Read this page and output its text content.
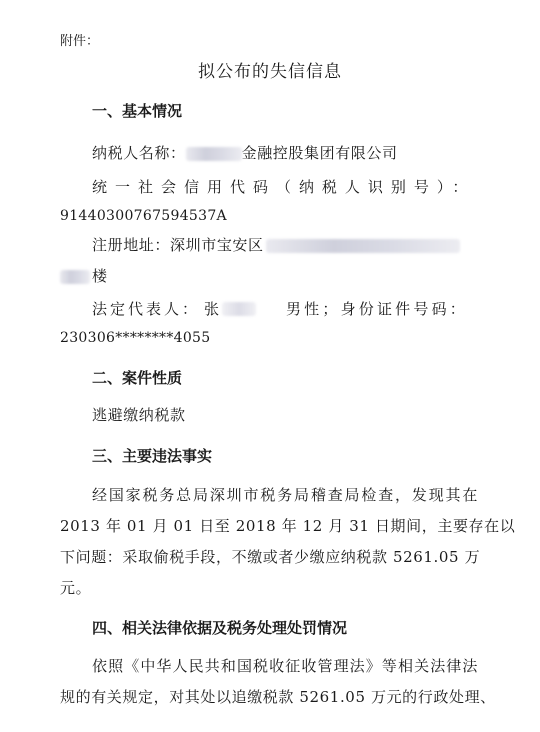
附件：
拟公布的失信信息
一、基本情况
纳税人名称：	金融控股集团有限公司
统一社会信用代码（纳税人识别号）：
91440300767594537A
注册地址：深圳市宝安区
楼
法定代表人： 张	男性；身份证件号码：
230306********4055
二、案件性质
逃避缴纳税款
三、主要违法事实
经国家税务总局深圳市税务局稽查局检查，发现其在
2013 年 01 月 01 日至 2018 年 12 月 31 日期间，主要存在以
下问题：采取偷税手段，不缴或者少缴应纳税款 5261.05 万
元。
四、相关法律依据及税务处理处罚情况
依照《中华人民共和国税收征收管理法》等相关法律法
规的有关规定，对其处以追缴税款 5261.05 万元的行政处理、
